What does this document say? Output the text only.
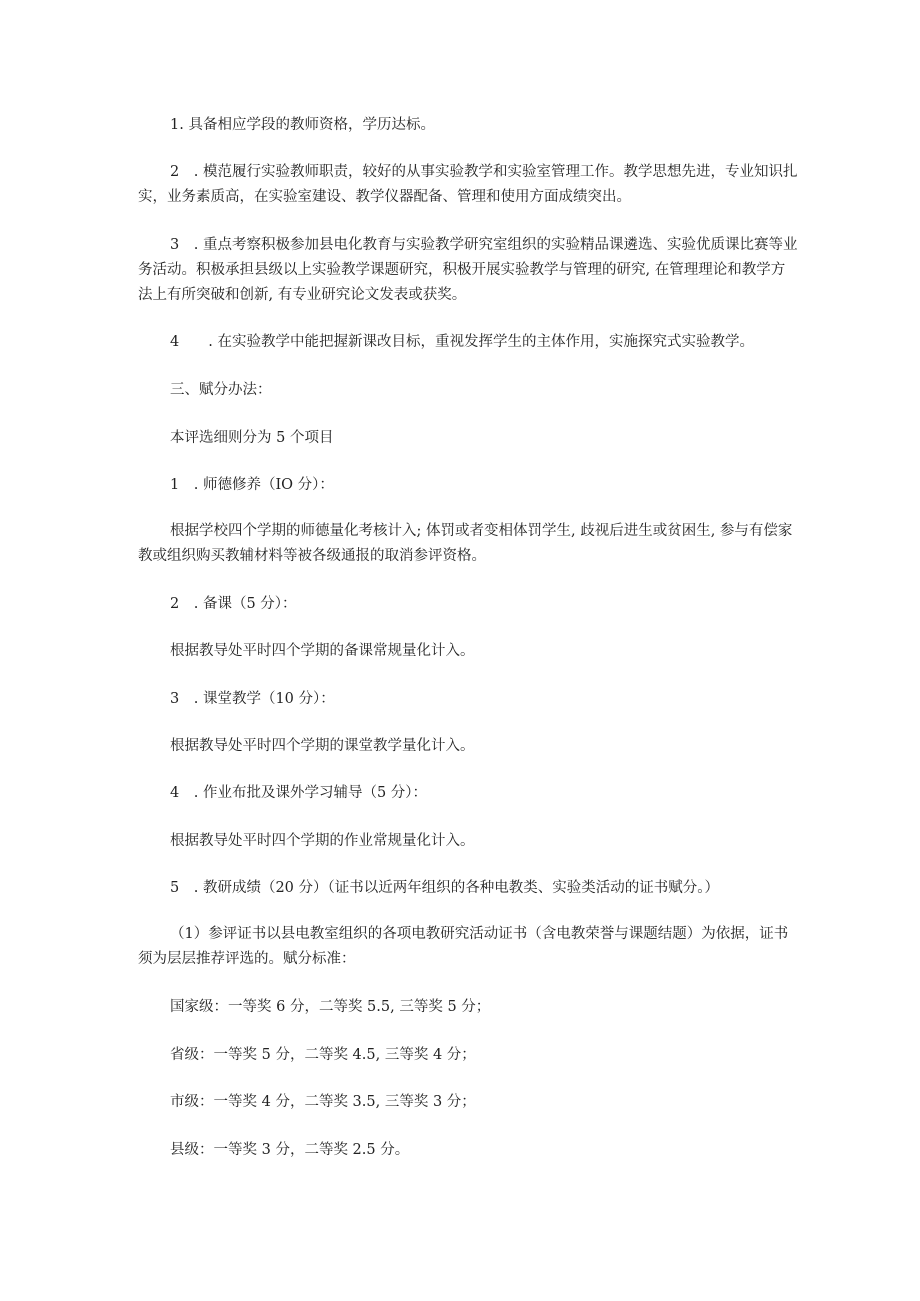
1. 具备相应学段的教师资格，学历达标。

2　. 模范履行实验教师职责，较好的从事实验教学和实验室管理工作。教学思想先进，专业知识扎实，业务素质高，在实验室建设、教学仪器配备、管理和使用方面成绩突出。

3　. 重点考察积极参加县电化教育与实验教学研究室组织的实验精品课遴选、实验优质课比赛等业务活动。积极承担县级以上实验教学课题研究，积极开展实验教学与管理的研究, 在管理理论和教学方法上有所突破和创新, 有专业研究论文发表或获奖。

4　　. 在实验教学中能把握新课改目标，重视发挥学生的主体作用，实施探究式实验教学。

三、赋分办法：

本评选细则分为 5 个项目

1　. 师德修养（IO 分）：

根据学校四个学期的师德量化考核计入; 体罚或者变相体罚学生, 歧视后进生或贫困生, 参与有偿家教或组织购买教辅材料等被各级通报的取消参评资格。

2　. 备课（5 分）：

根据教导处平时四个学期的备课常规量化计入。

3　. 课堂教学（10 分）：

根据教导处平时四个学期的课堂教学量化计入。

4　. 作业布批及课外学习辅导（5 分）：

根据教导处平时四个学期的作业常规量化计入。

5　. 教研成绩（20 分）（证书以近两年组织的各种电教类、实验类活动的证书赋分。）

（1）参评证书以县电教室组织的各项电教研究活动证书（含电教荣誉与课题结题）为依据，证书须为层层推荐评选的。赋分标准：

国家级：一等奖 6 分，二等奖 5.5, 三等奖 5 分；

省级：一等奖 5 分，二等奖 4.5, 三等奖 4 分；

市级：一等奖 4 分，二等奖 3.5, 三等奖 3 分；

县级：一等奖 3 分，二等奖 2.5 分。
